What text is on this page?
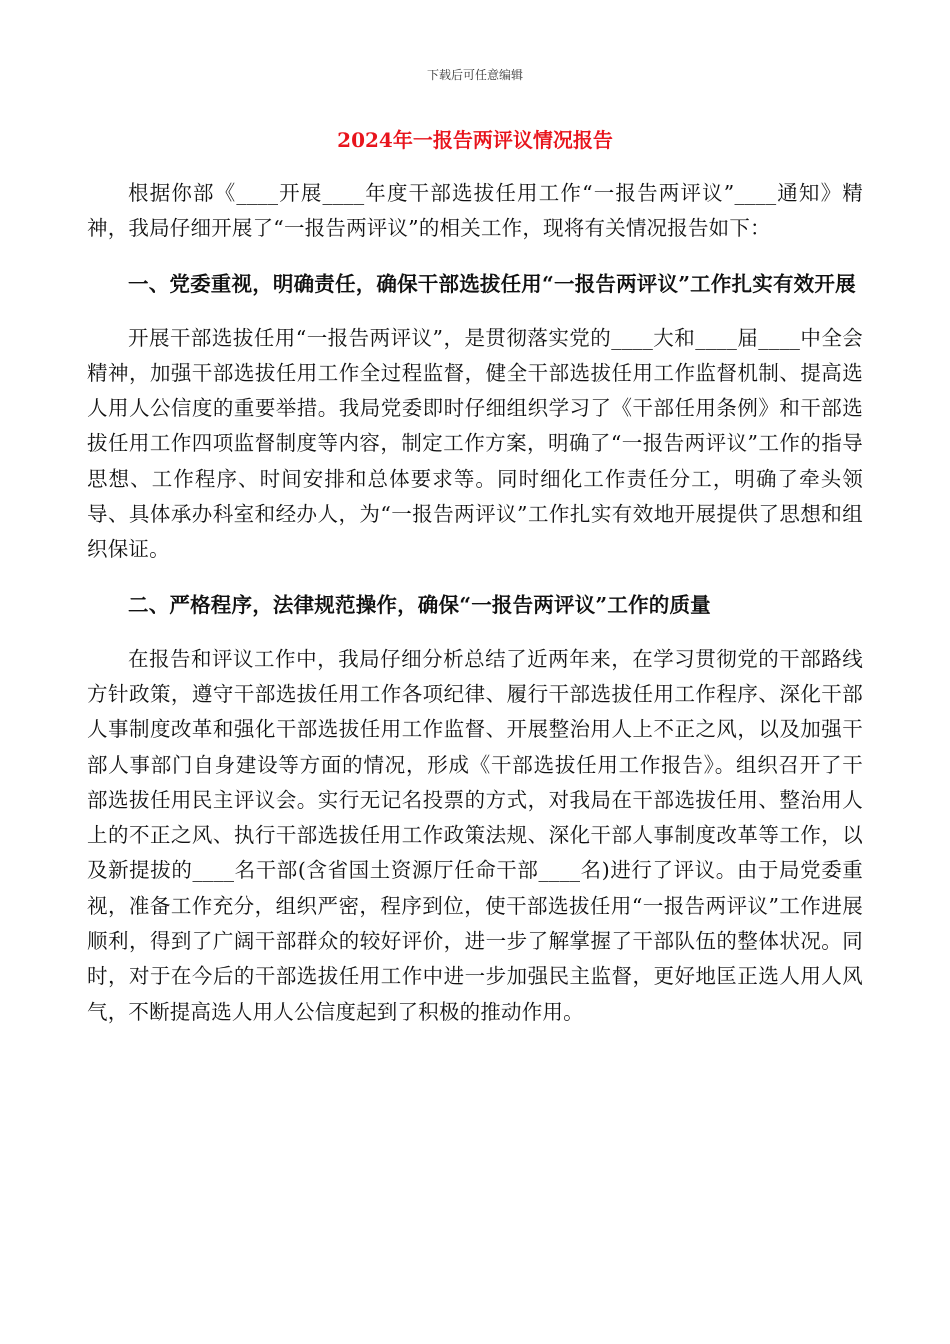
下载后可任意编辑
2024年一报告两评议情况报告

根据你部《____开展____年度干部选拔任用工作“一报告两评议”____通知》精神，我局仔细开展了“一报告两评议”的相关工作，现将有关情况报告如下：

一、党委重视，明确责任，确保干部选拔任用“一报告两评议”工作扎实有效开展

开展干部选拔任用“一报告两评议”，是贯彻落实党的____大和____届____中全会精神，加强干部选拔任用工作全过程监督，健全干部选拔任用工作监督机制、提高选人用人公信度的重要举措。我局党委即时仔细组织学习了《干部任用条例》和干部选拔任用工作四项监督制度等内容，制定工作方案，明确了“一报告两评议”工作的指导思想、工作程序、时间安排和总体要求等。同时细化工作责任分工，明确了牵头领导、具体承办科室和经办人，为“一报告两评议”工作扎实有效地开展提供了思想和组织保证。

二、严格程序，法律规范操作，确保“一报告两评议”工作的质量

在报告和评议工作中，我局仔细分析总结了近两年来，在学习贯彻党的干部路线方针政策，遵守干部选拔任用工作各项纪律、履行干部选拔任用工作程序、深化干部人事制度改革和强化干部选拔任用工作监督、开展整治用人上不正之风，以及加强干部人事部门自身建设等方面的情况，形成《干部选拔任用工作报告》。组织召开了干部选拔任用民主评议会。实行无记名投票的方式，对我局在干部选拔任用、整治用人上的不正之风、执行干部选拔任用工作政策法规、深化干部人事制度改革等工作，以及新提拔的____名干部(含省国土资源厅任命干部____名)进行了评议。由于局党委重视，准备工作充分，组织严密，程序到位，使干部选拔任用“一报告两评议”工作进展顺利，得到了广阔干部群众的较好评价，进一步了解掌握了干部队伍的整体状况。同时，对于在今后的干部选拔任用工作中进一步加强民主监督，更好地匡正选人用人风气，不断提高选人用人公信度起到了积极的推动作用。
